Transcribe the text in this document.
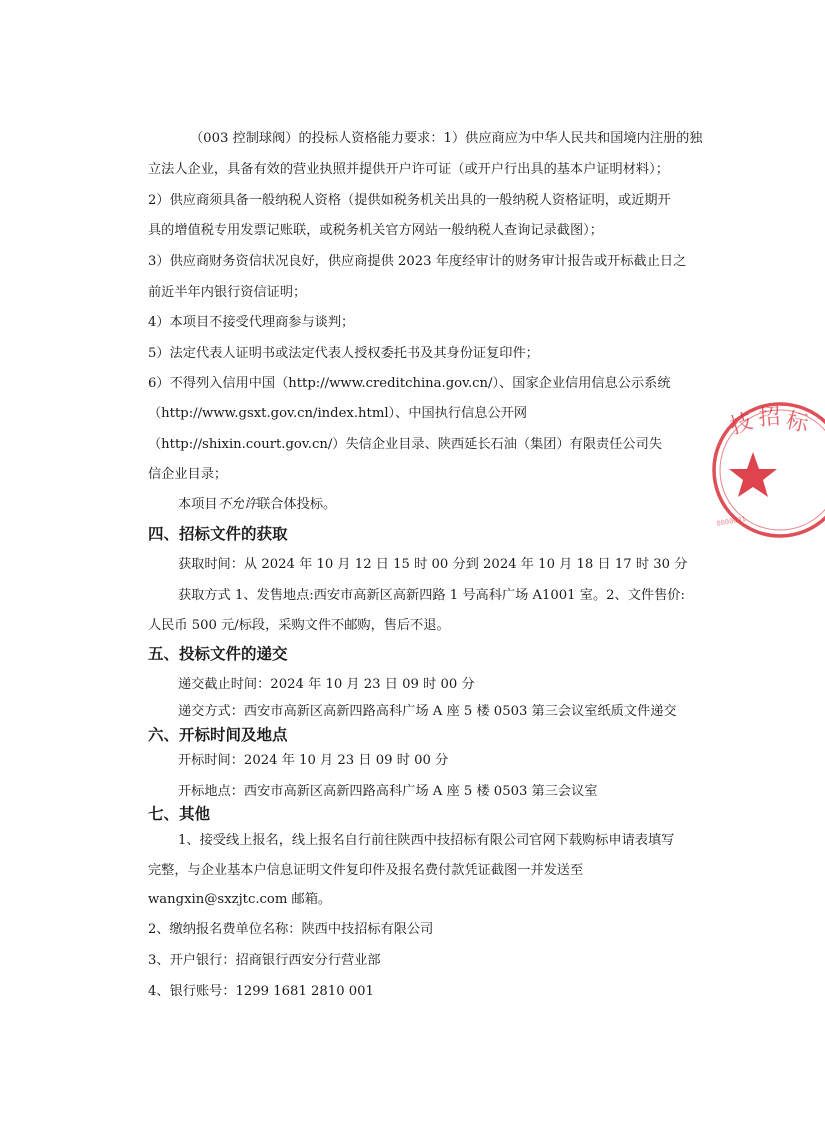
（003 控制球阀）的投标人资格能力要求：1）供应商应为中华人民共和国境内注册的独
立法人企业，具备有效的营业执照并提供开户许可证（或开户行出具的基本户证明材料）；
2）供应商须具备一般纳税人资格（提供如税务机关出具的一般纳税人资格证明，或近期开
具的增值税专用发票记账联，或税务机关官方网站一般纳税人查询记录截图）；
3）供应商财务资信状况良好，供应商提供 2023 年度经审计的财务审计报告或开标截止日之
前近半年内银行资信证明；
4）本项目不接受代理商参与谈判；
5）法定代表人证明书或法定代表人授权委托书及其身份证复印件；
6）不得列入信用中国（http://www.creditchina.gov.cn/）、国家企业信用信息公示系统
（http://www.gsxt.gov.cn/index.html）、中国执行信息公开网
（http://shixin.court.gov.cn/）失信企业目录、陕西延长石油（集团）有限责任公司失
信企业目录；
本项目不允许联合体投标。
四、招标文件的获取
获取时间：从 2024 年 10 月 12 日 15 时 00 分到 2024 年 10 月 18 日 17 时 30 分
获取方式 1、发售地点:西安市高新区高新四路 1 号高科广场 A1001 室。2、文件售价:
人民币 500 元/标段，采购文件不邮购，售后不退。
五、投标文件的递交
递交截止时间：2024 年 10 月 23 日 09 时 00 分
递交方式：西安市高新区高新四路高科广场 A 座 5 楼 0503 第三会议室纸质文件递交
六、开标时间及地点
开标时间：2024 年 10 月 23 日 09 时 00 分
开标地点：西安市高新区高新四路高科广场 A 座 5 楼 0503 第三会议室
七、其他
1、接受线上报名，线上报名自行前往陕西中技招标有限公司官网下载购标申请表填写
完整，与企业基本户信息证明文件复印件及报名费付款凭证截图一并发送至
wangxin@sxzjtc.com 邮箱。
2、缴纳报名费单位名称：陕西中技招标有限公司
3、开户银行：招商银行西安分行营业部
4、银行账号：1299 1681 2810 001
技 招 标
0000001
